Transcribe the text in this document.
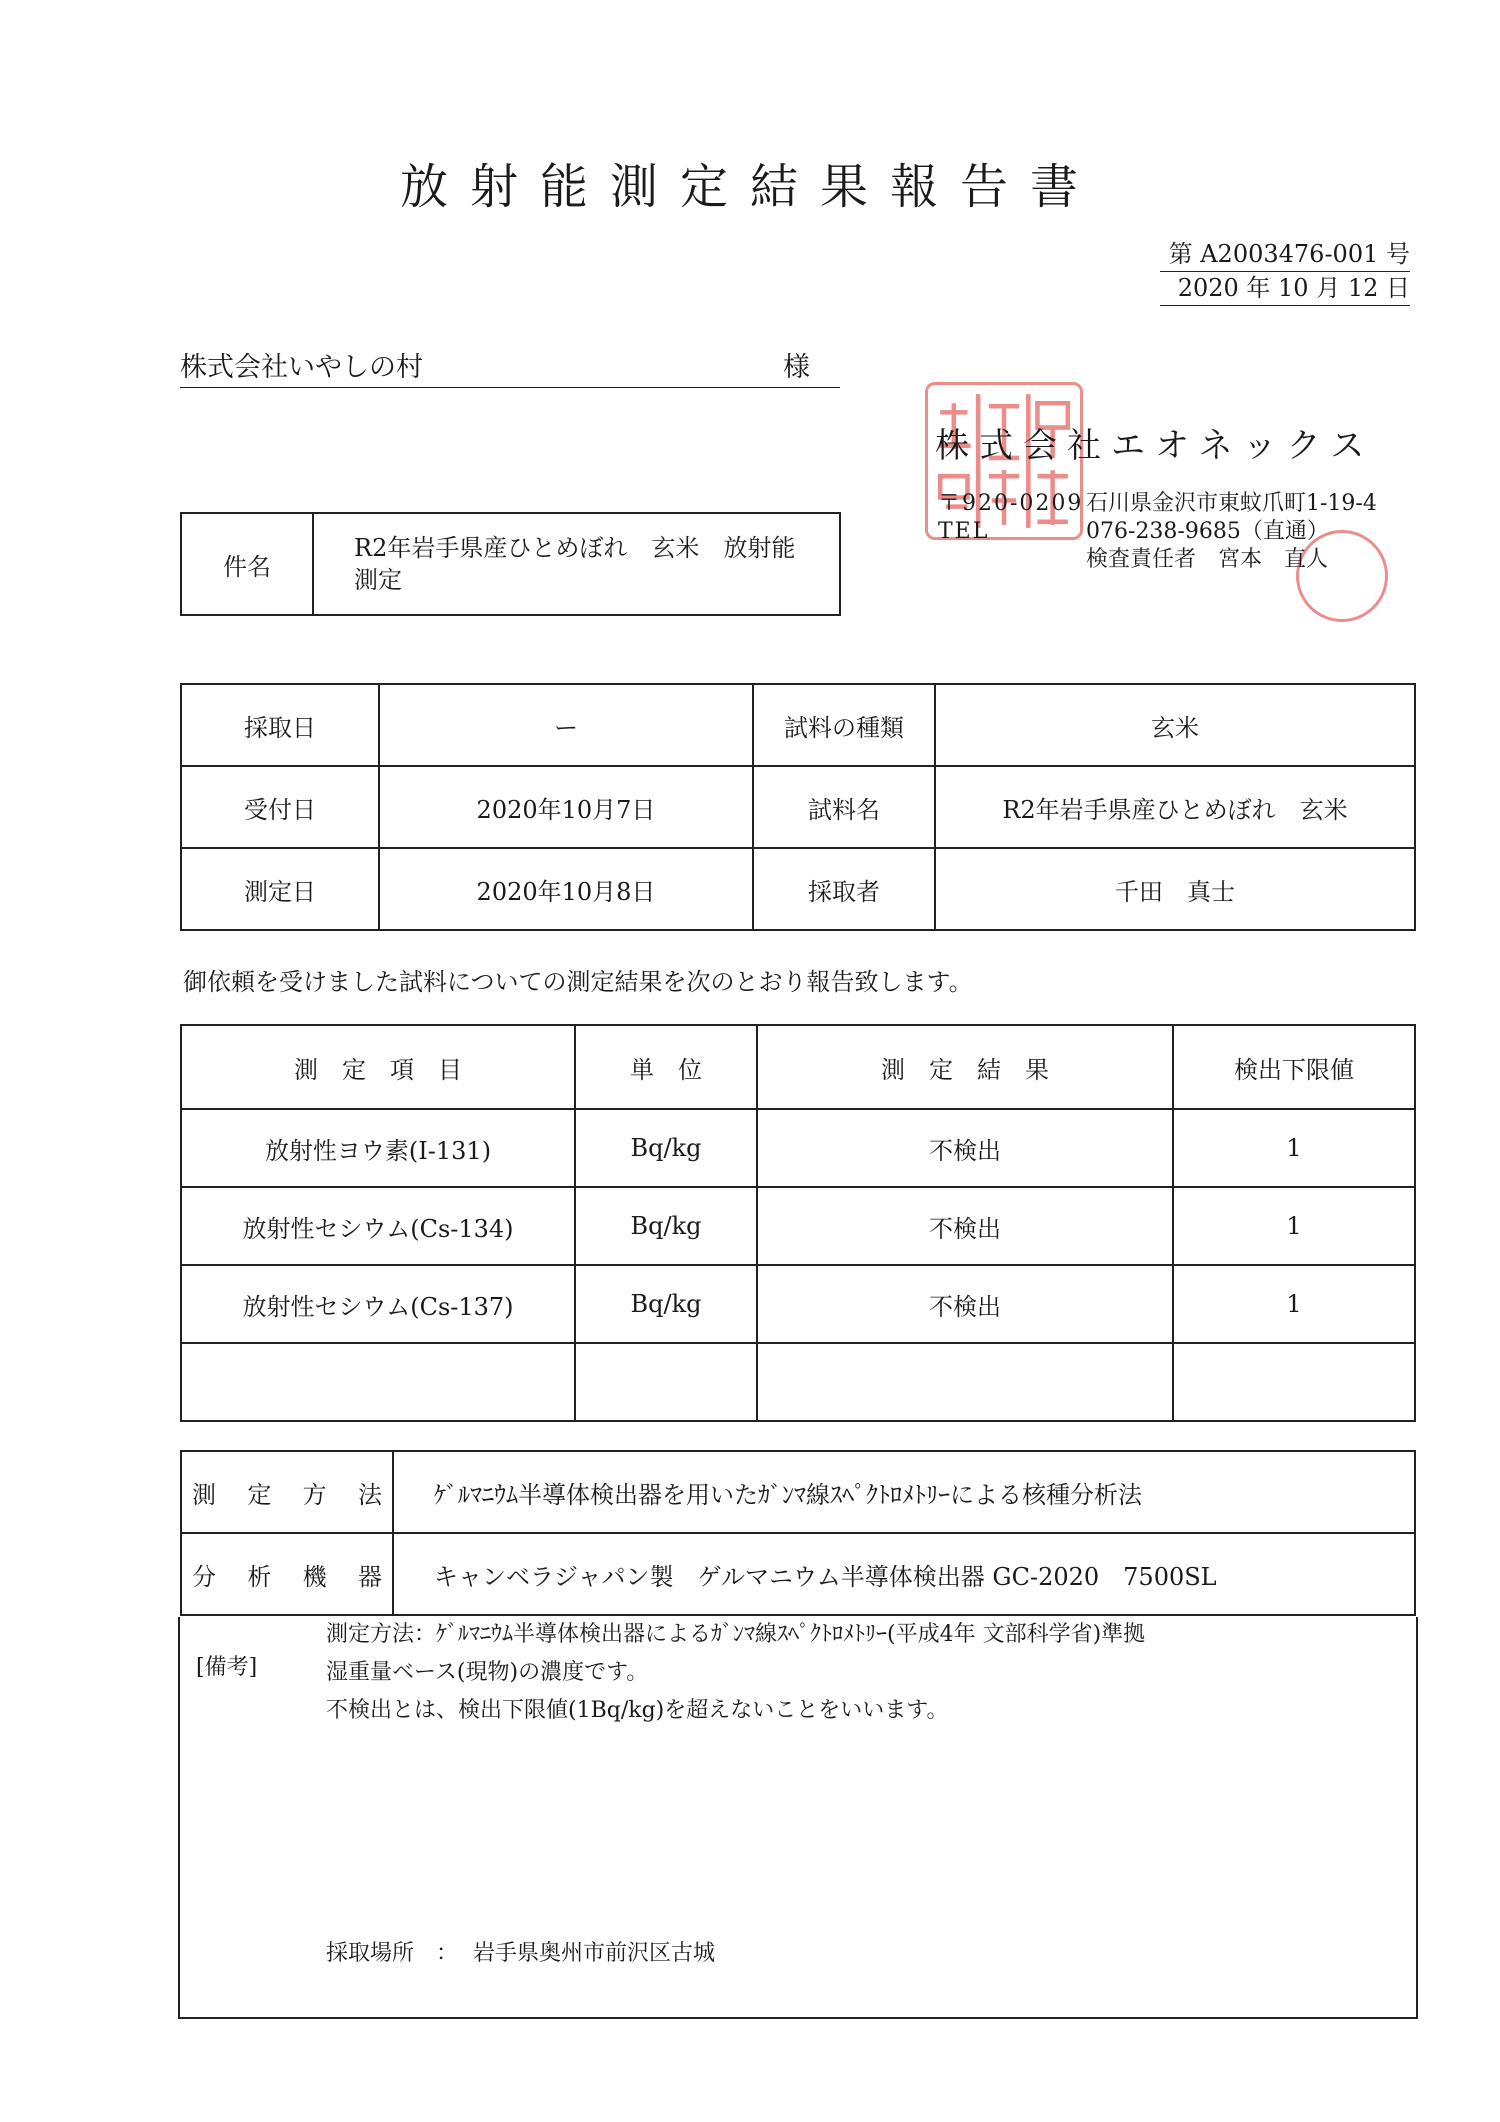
放射能測定結果報告書
第 A2003476-001 号
2020 年 10 月 12 日
株式会社いやしの村	様
株式会社エオネックス
〒920-0209 石川県金沢市東蚊爪町1-19-4
TEL	076-238-9685（直通）
検査責任者　宮本　直人
件名	R2年岩手県産ひとめぼれ　玄米　放射能測定
採取日	ー	試料の種類	玄米
受付日	2020年10月7日	試料名	R2年岩手県産ひとめぼれ　玄米
測定日	2020年10月8日	採取者	千田　真士
御依頼を受けました試料についての測定結果を次のとおり報告致します。
測　定　項　目	単　位	測　定　結　果	検出下限値
放射性ヨウ素(I-131)	Bq/kg	不検出	1
放射性セシウム(Cs-134)	Bq/kg	不検出	1
放射性セシウム(Cs-137)	Bq/kg	不検出	1

測定方法	ｹﾞﾙﾏﾆｳﾑ半導体検出器を用いたｶﾞﾝﾏ線ｽﾍﾟｸﾄﾛﾒﾄﾘｰによる核種分析法
分析機器	キャンベラジャパン製　ゲルマニウム半導体検出器 GC-2020　7500SL
[備考]
測定方法：ｹﾞﾙﾏﾆｳﾑ半導体検出器によるｶﾞﾝﾏ線ｽﾍﾟｸﾄﾛﾒﾄﾘｰ(平成4年 文部科学省)準拠
湿重量ベース(現物)の濃度です。
不検出とは、検出下限値(1Bq/kg)を超えないことをいいます。
採取場所　： 岩手県奥州市前沢区古城
